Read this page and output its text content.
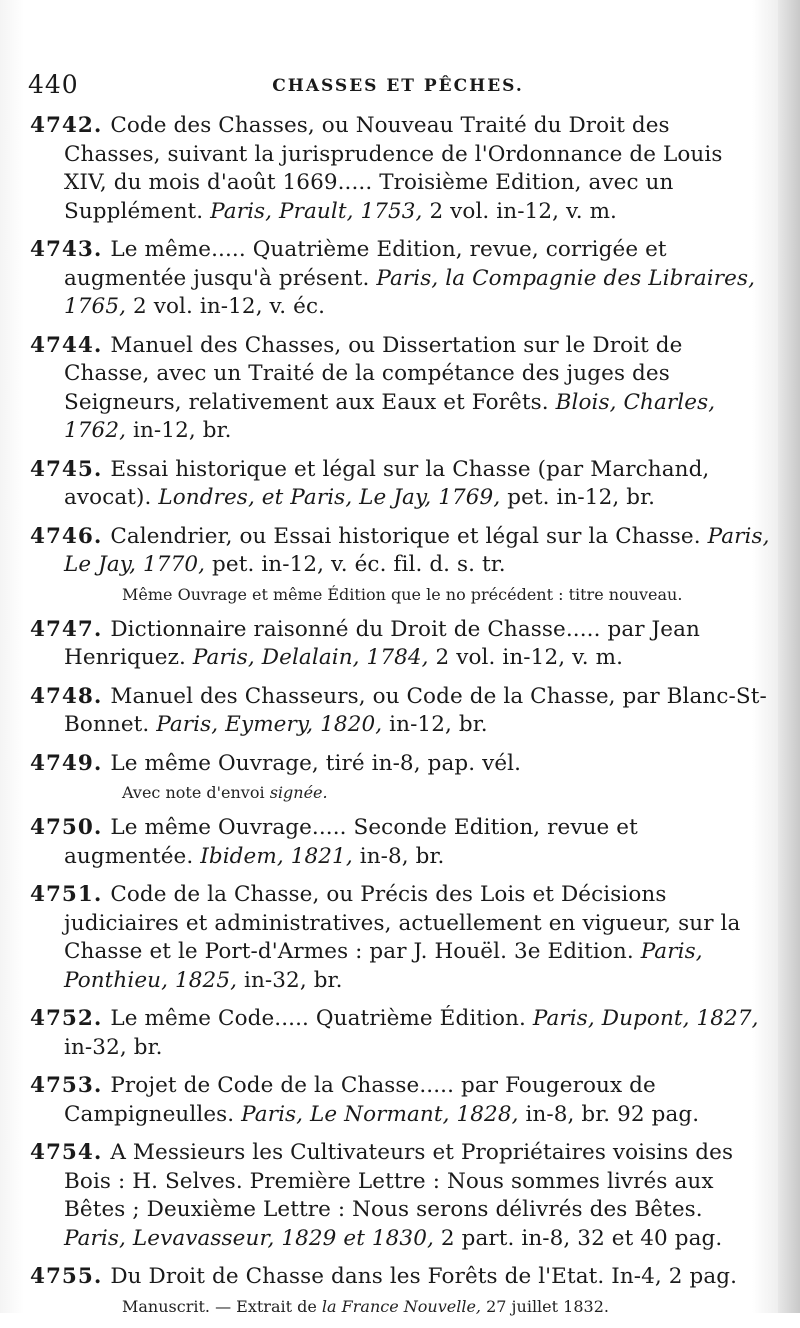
440	CHASSES ET PÊCHES.

4742. Code des Chasses, ou Nouveau Traité du Droit des Chasses, suivant la jurisprudence de l'Ordonnance de Louis XIV, du mois d'août 1669..... Troisième Edition, avec un Supplément. Paris, Prault, 1753, 2 vol. in-12, v. m.

4743. Le même..... Quatrième Edition, revue, corrigée et augmentée jusqu'à présent. Paris, la Compagnie des Libraires, 1765, 2 vol. in-12, v. éc.

4744. Manuel des Chasses, ou Dissertation sur le Droit de Chasse, avec un Traité de la compétance des juges des Seigneurs, relativement aux Eaux et Forêts. Blois, Charles, 1762, in-12, br.

4745. Essai historique et légal sur la Chasse (par Marchand, avocat). Londres, et Paris, Le Jay, 1769, pet. in-12, br.

4746. Calendrier, ou Essai historique et légal sur la Chasse. Paris, Le Jay, 1770, pet. in-12, v. éc. fil. d. s. tr.

Même Ouvrage et même Édition que le no précédent : titre nouveau.

4747. Dictionnaire raisonné du Droit de Chasse..... par Jean Henriquez. Paris, Delalain, 1784, 2 vol. in-12, v. m.

4748. Manuel des Chasseurs, ou Code de la Chasse, par Blanc-St-Bonnet. Paris, Eymery, 1820, in-12, br.

4749. Le même Ouvrage, tiré in-8, pap. vél.

Avec note d'envoi signée.

4750. Le même Ouvrage..... Seconde Edition, revue et augmentée. Ibidem, 1821, in-8, br.

4751. Code de la Chasse, ou Précis des Lois et Décisions judiciaires et administratives, actuellement en vigueur, sur la Chasse et le Port-d'Armes : par J. Houël. 3e Edition. Paris, Ponthieu, 1825, in-32, br.

4752. Le même Code..... Quatrième Édition. Paris, Dupont, 1827, in-32, br.

4753. Projet de Code de la Chasse..... par Fougeroux de Campigneulles. Paris, Le Normant, 1828, in-8, br. 92 pag.

4754. A Messieurs les Cultivateurs et Propriétaires voisins des Bois : H. Selves. Première Lettre : Nous sommes livrés aux Bêtes ; Deuxième Lettre : Nous serons délivrés des Bêtes. Paris, Levavasseur, 1829 et 1830, 2 part. in-8, 32 et 40 pag.

4755. Du Droit de Chasse dans les Forêts de l'Etat. In-4, 2 pag.

Manuscrit. — Extrait de la France Nouvelle, 27 juillet 1832.
